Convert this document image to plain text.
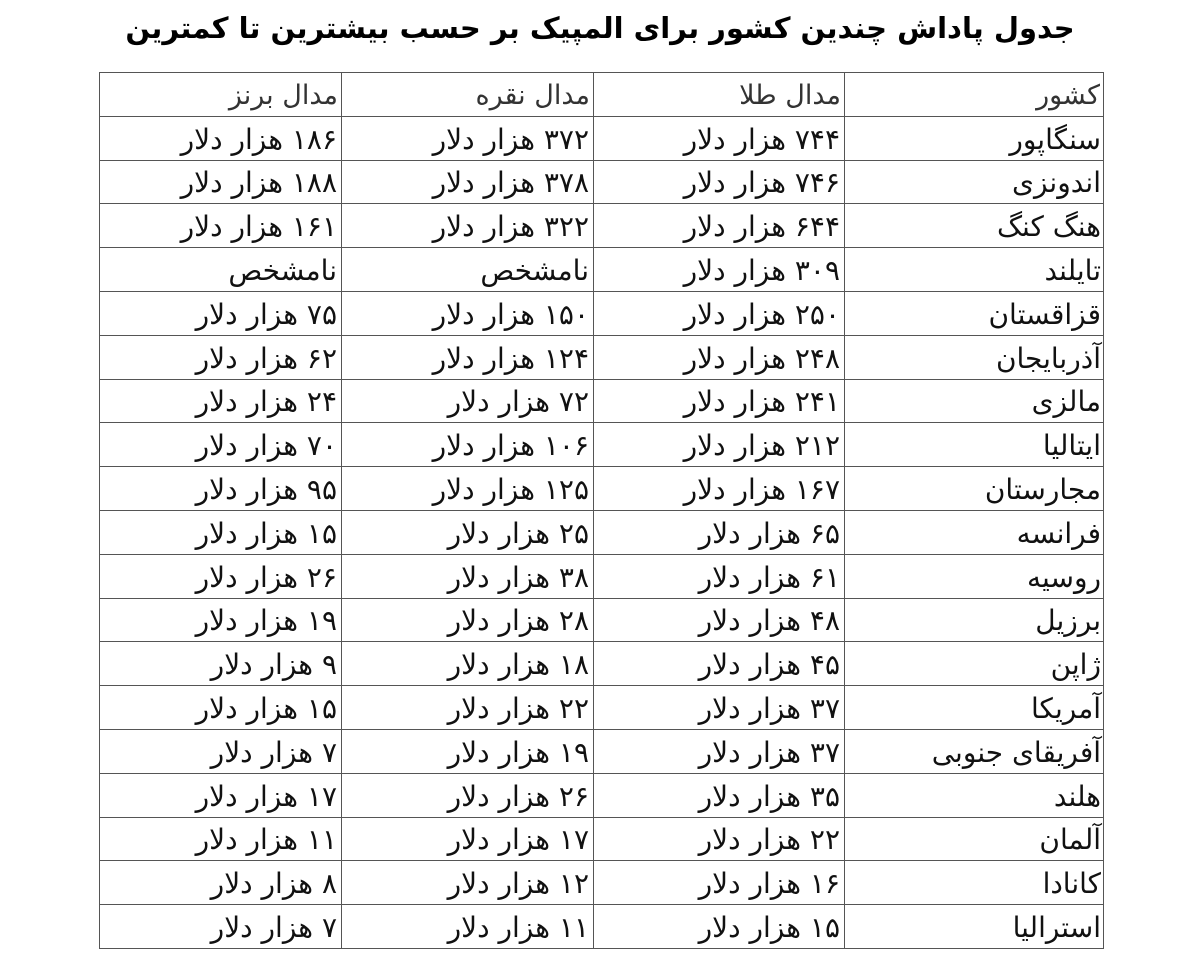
جدول پاداش چندین کشور برای المپیک بر حسب بیشترین تا کمترین
کشور	مدال طلا	مدال نقره	مدال برنز
سنگاپور	۷۴۴ هزار دلار	۳۷۲ هزار دلار	۱۸۶ هزار دلار
اندونزی	۷۴۶ هزار دلار	۳۷۸ هزار دلار	۱۸۸ هزار دلار
هنگ کنگ	۶۴۴ هزار دلار	۳۲۲ هزار دلار	۱۶۱ هزار دلار
تایلند	۳۰۹ هزار دلار	نامشخص	نامشخص
قزاقستان	۲۵۰ هزار دلار	۱۵۰ هزار دلار	۷۵ هزار دلار
آذربایجان	۲۴۸ هزار دلار	۱۲۴ هزار دلار	۶۲ هزار دلار
مالزی	۲۴۱ هزار دلار	۷۲ هزار دلار	۲۴ هزار دلار
ایتالیا	۲۱۲ هزار دلار	۱۰۶ هزار دلار	۷۰ هزار دلار
مجارستان	۱۶۷ هزار دلار	۱۲۵ هزار دلار	۹۵ هزار دلار
فرانسه	۶۵ هزار دلار	۲۵ هزار دلار	۱۵ هزار دلار
روسیه	۶۱ هزار دلار	۳۸ هزار دلار	۲۶ هزار دلار
برزیل	۴۸ هزار دلار	۲۸ هزار دلار	۱۹ هزار دلار
ژاپن	۴۵ هزار دلار	۱۸ هزار دلار	۹ هزار دلار
آمریکا	۳۷ هزار دلار	۲۲ هزار دلار	۱۵ هزار دلار
آفریقای جنوبی	۳۷ هزار دلار	۱۹ هزار دلار	۷ هزار دلار
هلند	۳۵ هزار دلار	۲۶ هزار دلار	۱۷ هزار دلار
آلمان	۲۲ هزار دلار	۱۷ هزار دلار	۱۱ هزار دلار
کانادا	۱۶ هزار دلار	۱۲ هزار دلار	۸ هزار دلار
استرالیا	۱۵ هزار دلار	۱۱ هزار دلار	۷ هزار دلار
